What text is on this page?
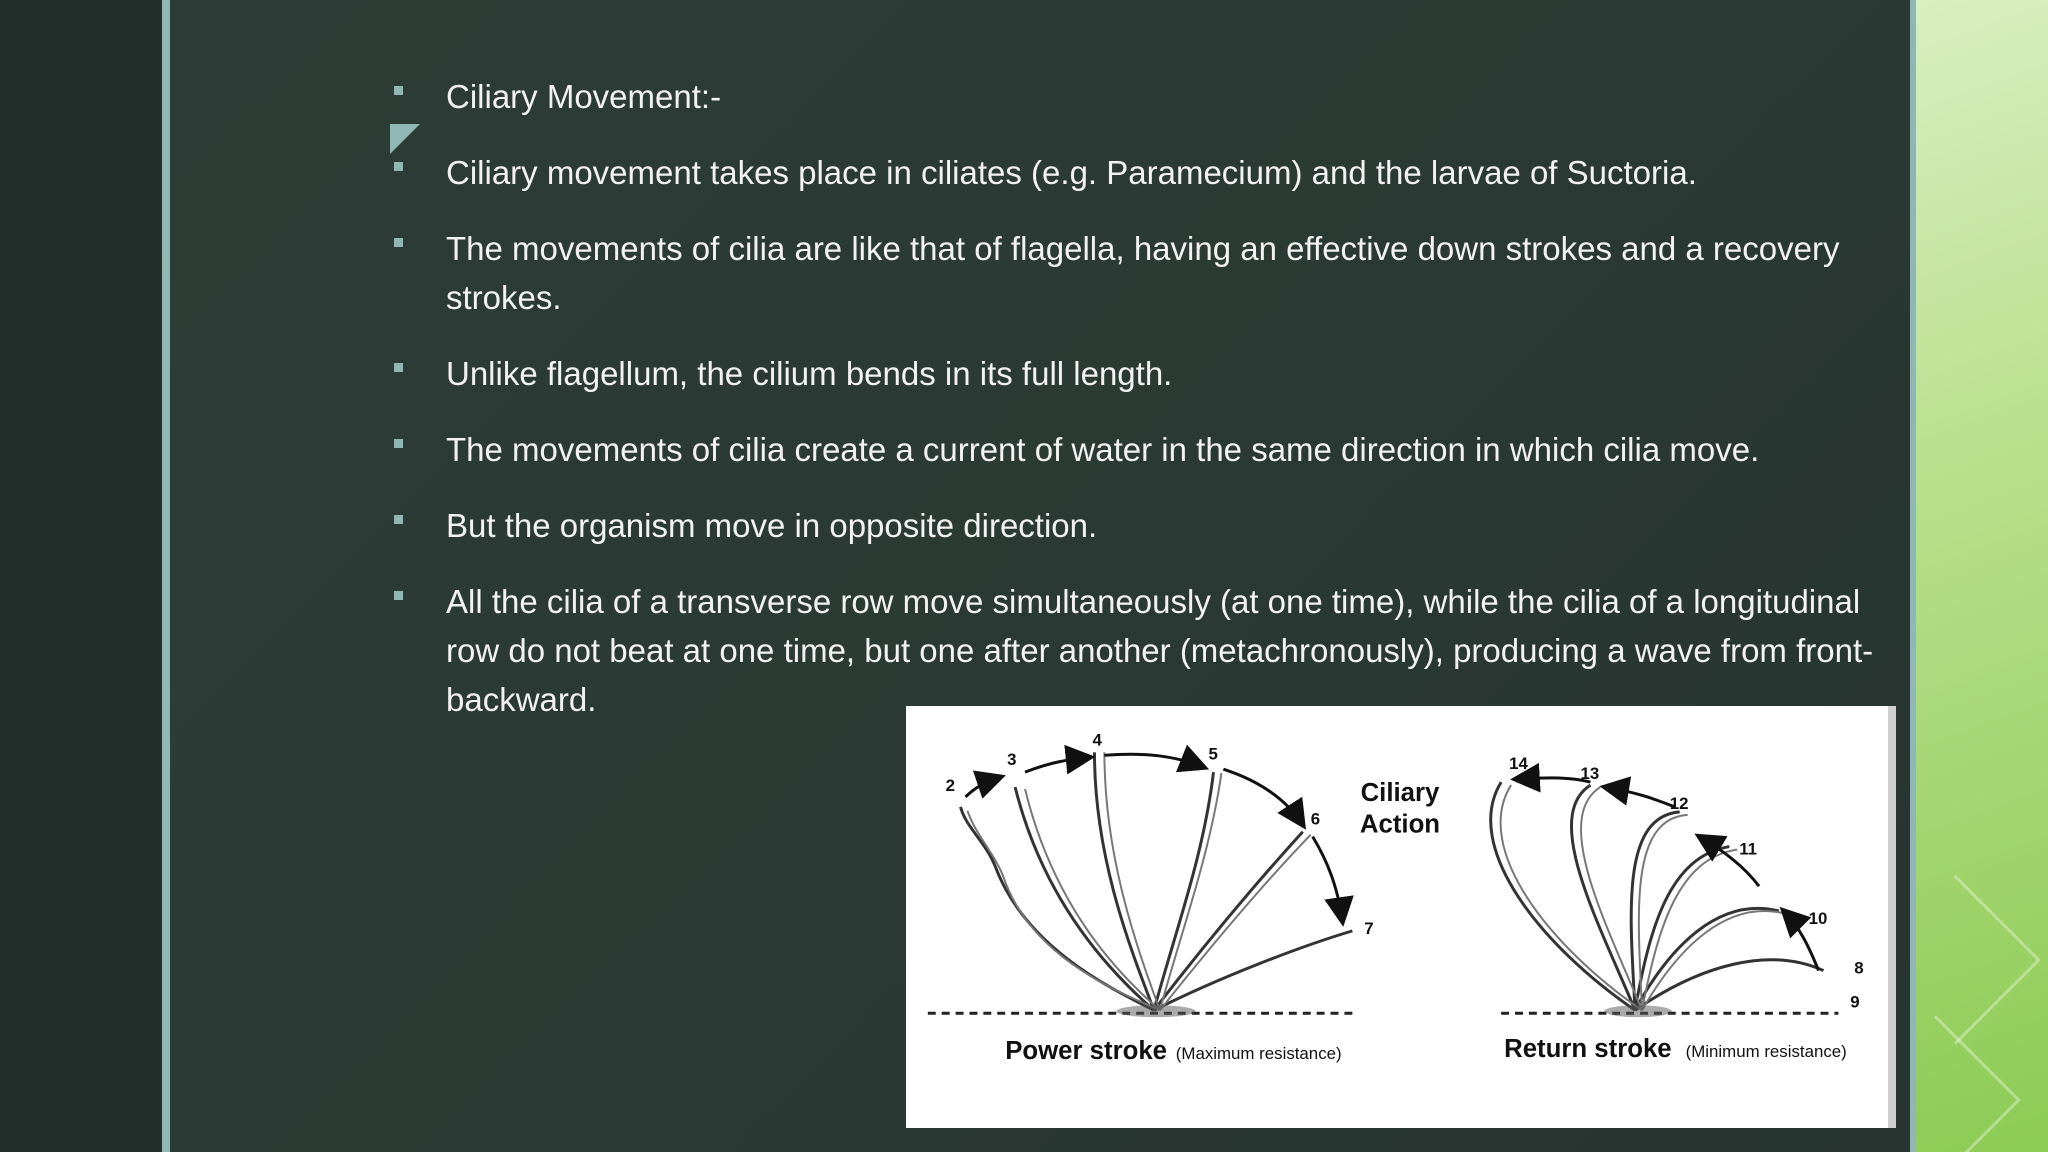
Ciliary Movement:-
Ciliary movement takes place in ciliates (e.g. Paramecium) and the larvae of Suctoria.
The movements of cilia are like that of flagella, having an effective down strokes and a recovery strokes.
Unlike flagellum, the cilium bends in its full length.
The movements of cilia create a current of water in the same direction in which cilia move.
But the organism move in opposite direction.
All the cilia of a transverse row move simultaneously (at one time), while the cilia of a longitudinal row do not beat at one time, but one after another (metachronously), producing a wave from front-backward.
2
3
4
5
6
7
8
9
10
11
12
13
14
Ciliary
Action
Power stroke (Maximum resistance)	Return stroke (Minimum resistance)
